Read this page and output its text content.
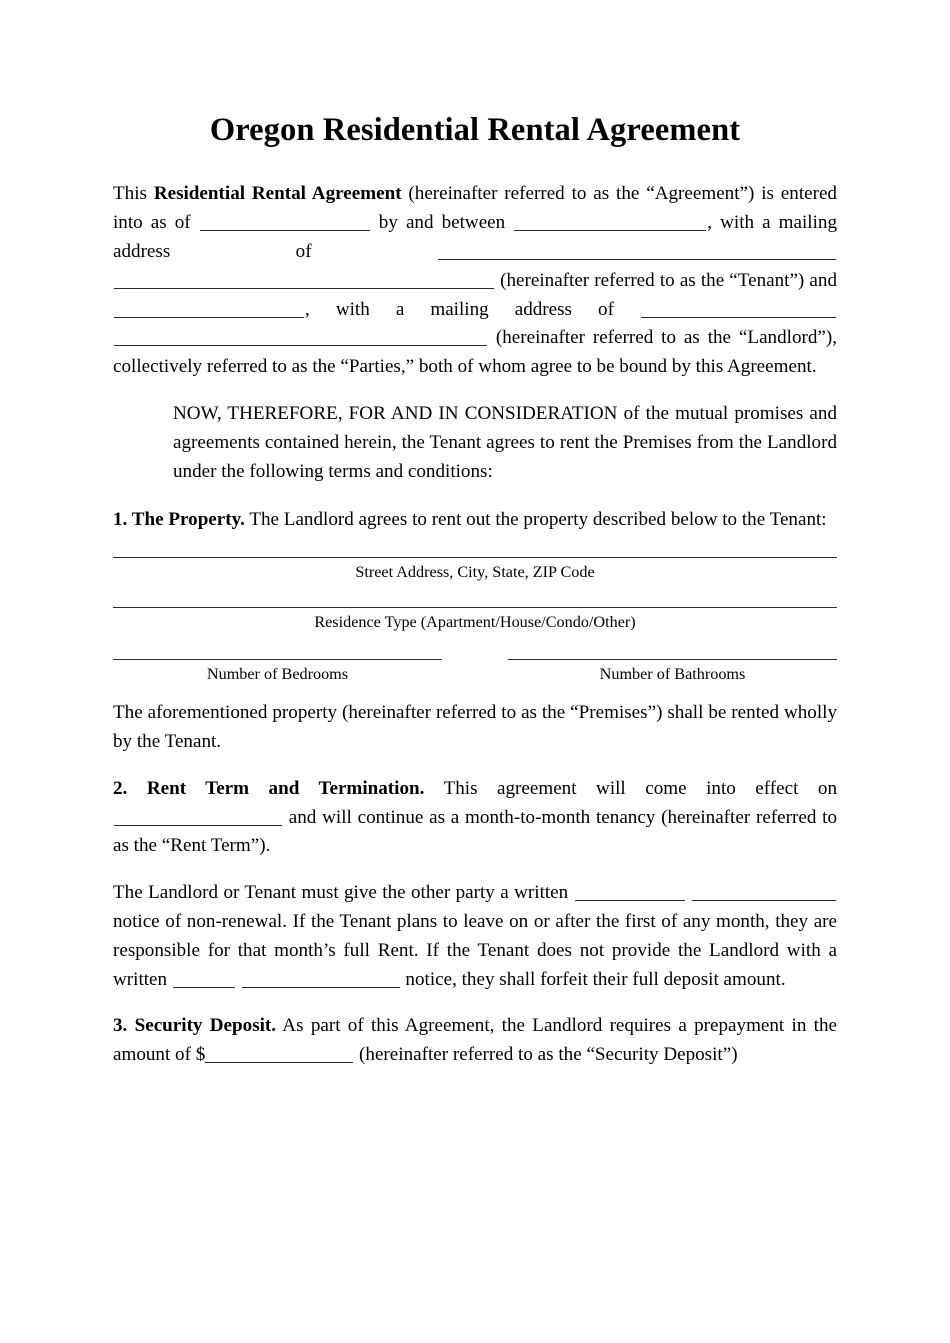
Oregon Residential Rental Agreement

This Residential Rental Agreement (hereinafter referred to as the “Agreement”) is entered into as of	by and between	, with a mailing address of  (hereinafter referred to as the “Tenant”) and , with a mailing address of  (hereinafter referred to as the “Landlord”), collectively referred to as the “Parties,” both of whom agree to be bound by this Agreement.

NOW, THEREFORE, FOR AND IN CONSIDERATION of the mutual promises and agreements contained herein, the Tenant agrees to rent the Premises from the Landlord under the following terms and conditions:

1. The Property. The Landlord agrees to rent out the property described below to the Tenant:

Street Address, City, State, ZIP Code
Residence Type (Apartment/House/Condo/Other)
Number of Bedrooms	Number of Bathrooms

The aforementioned property (hereinafter referred to as the “Premises”) shall be rented wholly by the Tenant.

2. Rent Term and Termination. This agreement will come into effect on  and will continue as a month-to-month tenancy (hereinafter referred to as the “Rent Term”).

The Landlord or Tenant must give the other party a written   notice of non-renewal. If the Tenant plans to leave on or after the first of any month, they are responsible for that month’s full Rent. If the Tenant does not provide the Landlord with a written	notice, they shall forfeit their full deposit amount.

3. Security Deposit. As part of this Agreement, the Landlord requires a prepayment in the amount of $	(hereinafter referred to as the “Security Deposit”)
